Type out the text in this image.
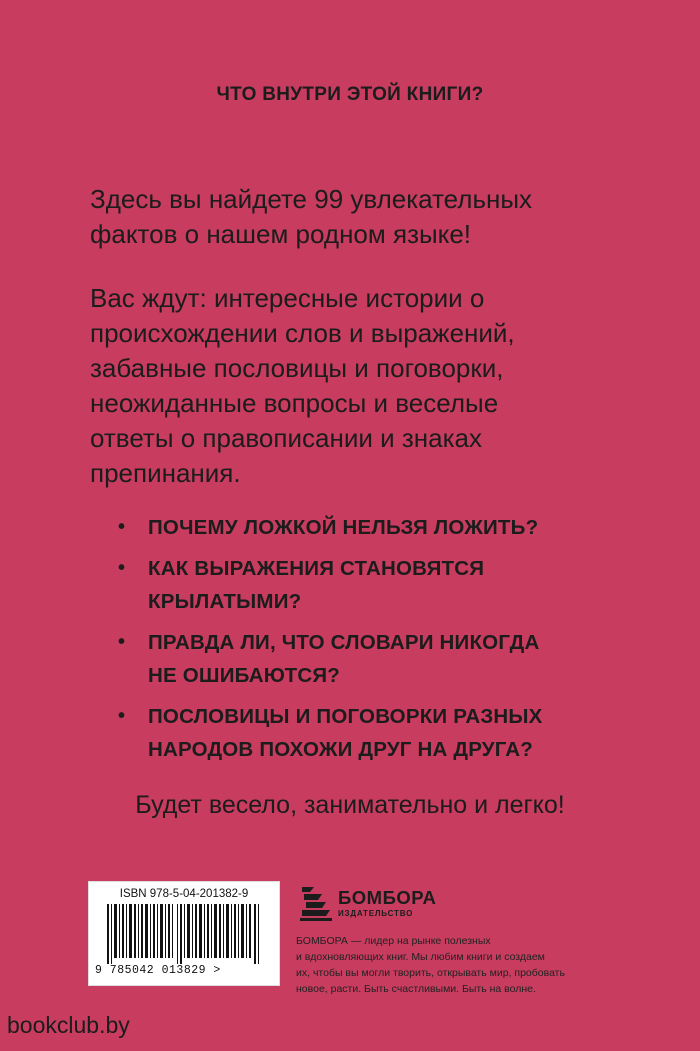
ЧТО ВНУТРИ ЭТОЙ КНИГИ?
Здесь вы найдете 99 увлекательных
фактов о нашем родном языке!
Вас ждут: интересные истории о
происхождении слов и выражений,
забавные пословицы и поговорки,
неожиданные вопросы и веселые
ответы о правописании и знаках
препинания.
• ПОЧЕМУ ЛОЖКОЙ НЕЛЬЗЯ ЛОЖИТЬ?
• КАК ВЫРАЖЕНИЯ СТАНОВЯТСЯ
КРЫЛАТЫМИ?
• ПРАВДА ЛИ, ЧТО СЛОВАРИ НИКОГДА
НЕ ОШИБАЮТСЯ?
• ПОСЛОВИЦЫ И ПОГОВОРКИ РАЗНЫХ
НАРОДОВ ПОХОЖИ ДРУГ НА ДРУГА?
Будет весело, занимательно и легко!
ISBN 978-5-04-201382-9
9 785042 013829 >
БОМБОРА
ИЗДАТЕЛЬСТВО
БОМБОРА — лидер на рынке полезных
и вдохновляющих книг. Мы любим книги и создаем
их, чтобы вы могли творить, открывать мир, пробовать
новое, расти. Быть счастливыми. Быть на волне.
bookclub.by
